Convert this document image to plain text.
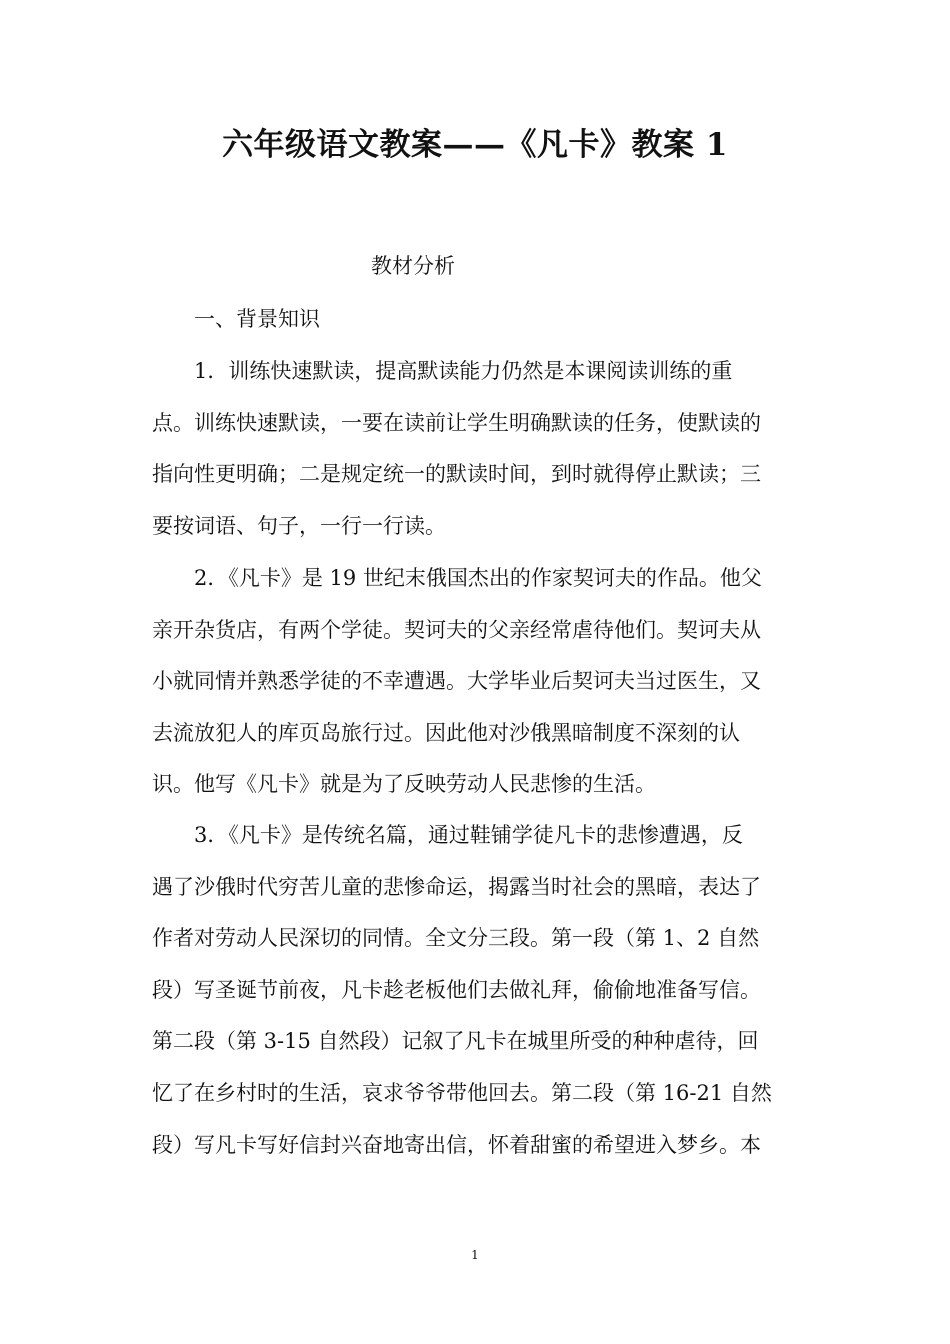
六年级语文教案——《凡卡》教案 1
教材分析
一、背景知识
1．训练快速默读，提高默读能力仍然是本课阅读训练的重
点。训练快速默读，一要在读前让学生明确默读的任务，使默读的
指向性更明确；二是规定统一的默读时间，到时就得停止默读；三
要按词语、句子，一行一行读。
2．《凡卡》是 19 世纪末俄国杰出的作家契诃夫的作品。他父
亲开杂货店，有两个学徒。契诃夫的父亲经常虐待他们。契诃夫从
小就同情并熟悉学徒的不幸遭遇。大学毕业后契诃夫当过医生，又
去流放犯人的库页岛旅行过。因此他对沙俄黑暗制度不深刻的认
识。他写《凡卡》就是为了反映劳动人民悲惨的生活。
3．《凡卡》是传统名篇，通过鞋铺学徒凡卡的悲惨遭遇，反
遇了沙俄时代穷苦儿童的悲惨命运，揭露当时社会的黑暗，表达了
作者对劳动人民深切的同情。全文分三段。第一段（第 1、2 自然
段）写圣诞节前夜，凡卡趁老板他们去做礼拜，偷偷地准备写信。
第二段（第 3-15 自然段）记叙了凡卡在城里所受的种种虐待，回
忆了在乡村时的生活，哀求爷爷带他回去。第二段（第 16-21 自然
段）写凡卡写好信封兴奋地寄出信，怀着甜蜜的希望进入梦乡。本
1
